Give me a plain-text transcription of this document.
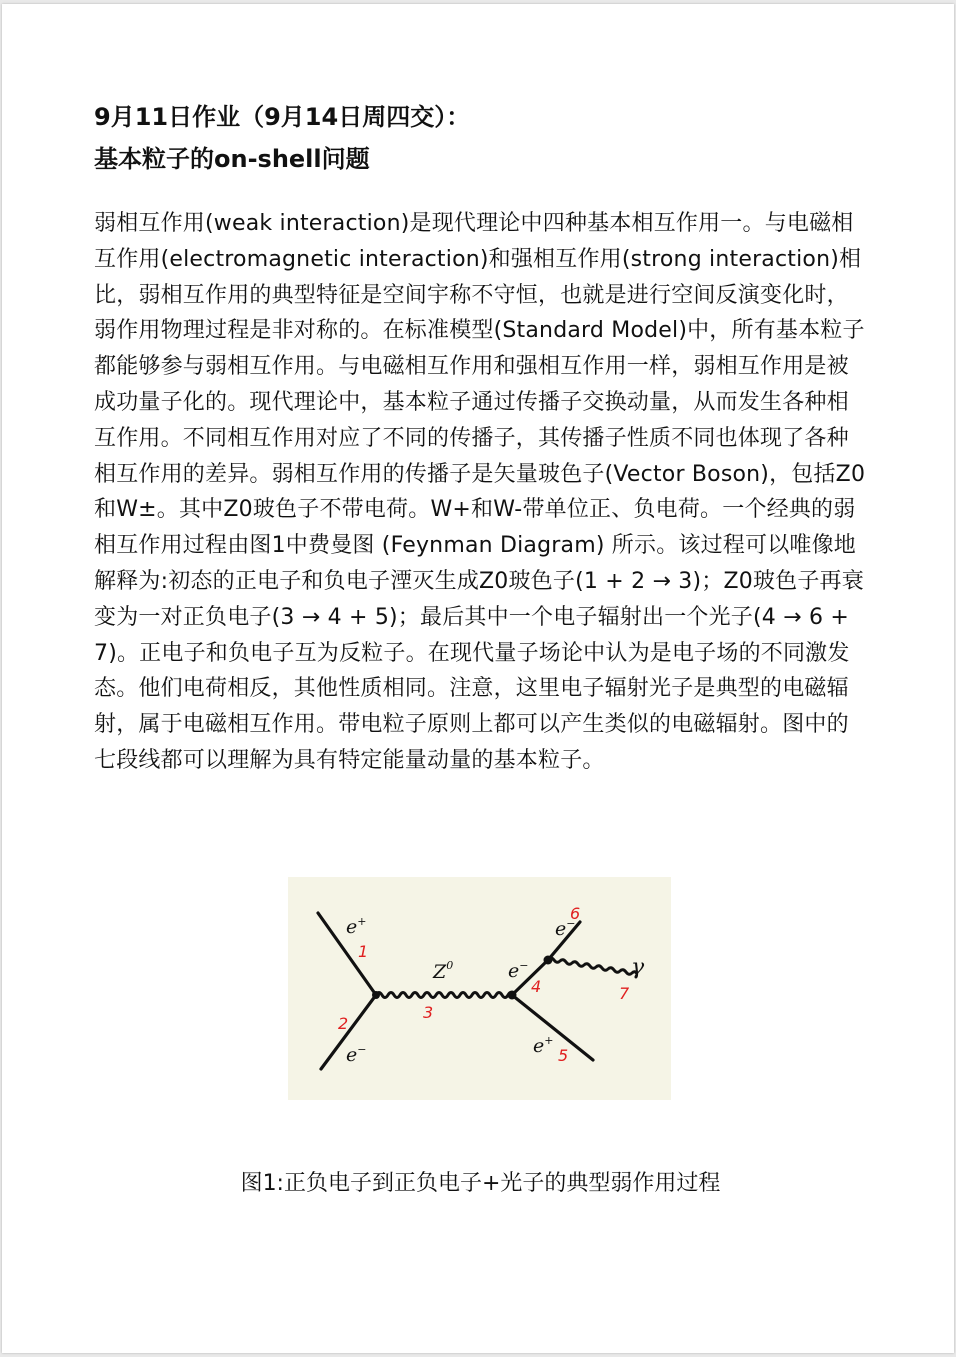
9月11日作业（9月14日周四交）：
基本粒子的on-shell问题
弱相互作用(weak interaction)是现代理论中四种基本相互作用一。与电磁相互作用(electromagnetic interaction)和强相互作用(strong interaction)相比，弱相互作用的典型特征是空间宇称不守恒，也就是进行空间反演变化时，弱作用物理过程是非对称的。在标准模型(Standard Model)中，所有基本粒子都能够参与弱相互作用。与电磁相互作用和强相互作用一样，弱相互作用是被成功量子化的。现代理论中，基本粒子通过传播子交换动量，从而发生各种相互作用。不同相互作用对应了不同的传播子，其传播子性质不同也体现了各种相互作用的差异。弱相互作用的传播子是矢量玻色子(Vector Boson)，包括Z0和W±。其中Z0玻色子不带电荷。W+和W-带单位正、负电荷。一个经典的弱相互作用过程由图1中费曼图 (Feynman Diagram) 所示。该过程可以唯像地解释为:初态的正电子和负电子湮灭生成Z0玻色子(1 + 2 → 3)；Z0玻色子再衰变为一对正负电子(3 → 4 + 5)；最后其中一个电子辐射出一个光子(4 → 6 + 7)。正电子和负电子互为反粒子。在现代量子场论中认为是电子场的不同激发态。他们电荷相反，其他性质相同。注意，这里电子辐射光子是典型的电磁辐射，属于电磁相互作用。带电粒子原则上都可以产生类似的电磁辐射。图中的七段线都可以理解为具有特定能量动量的基本粒子。
e+
e−
$Z^0$	e−
e−
e+
γ
1
2
3
4
5
6
7
图1:正负电子到正负电子+光子的典型弱作用过程
